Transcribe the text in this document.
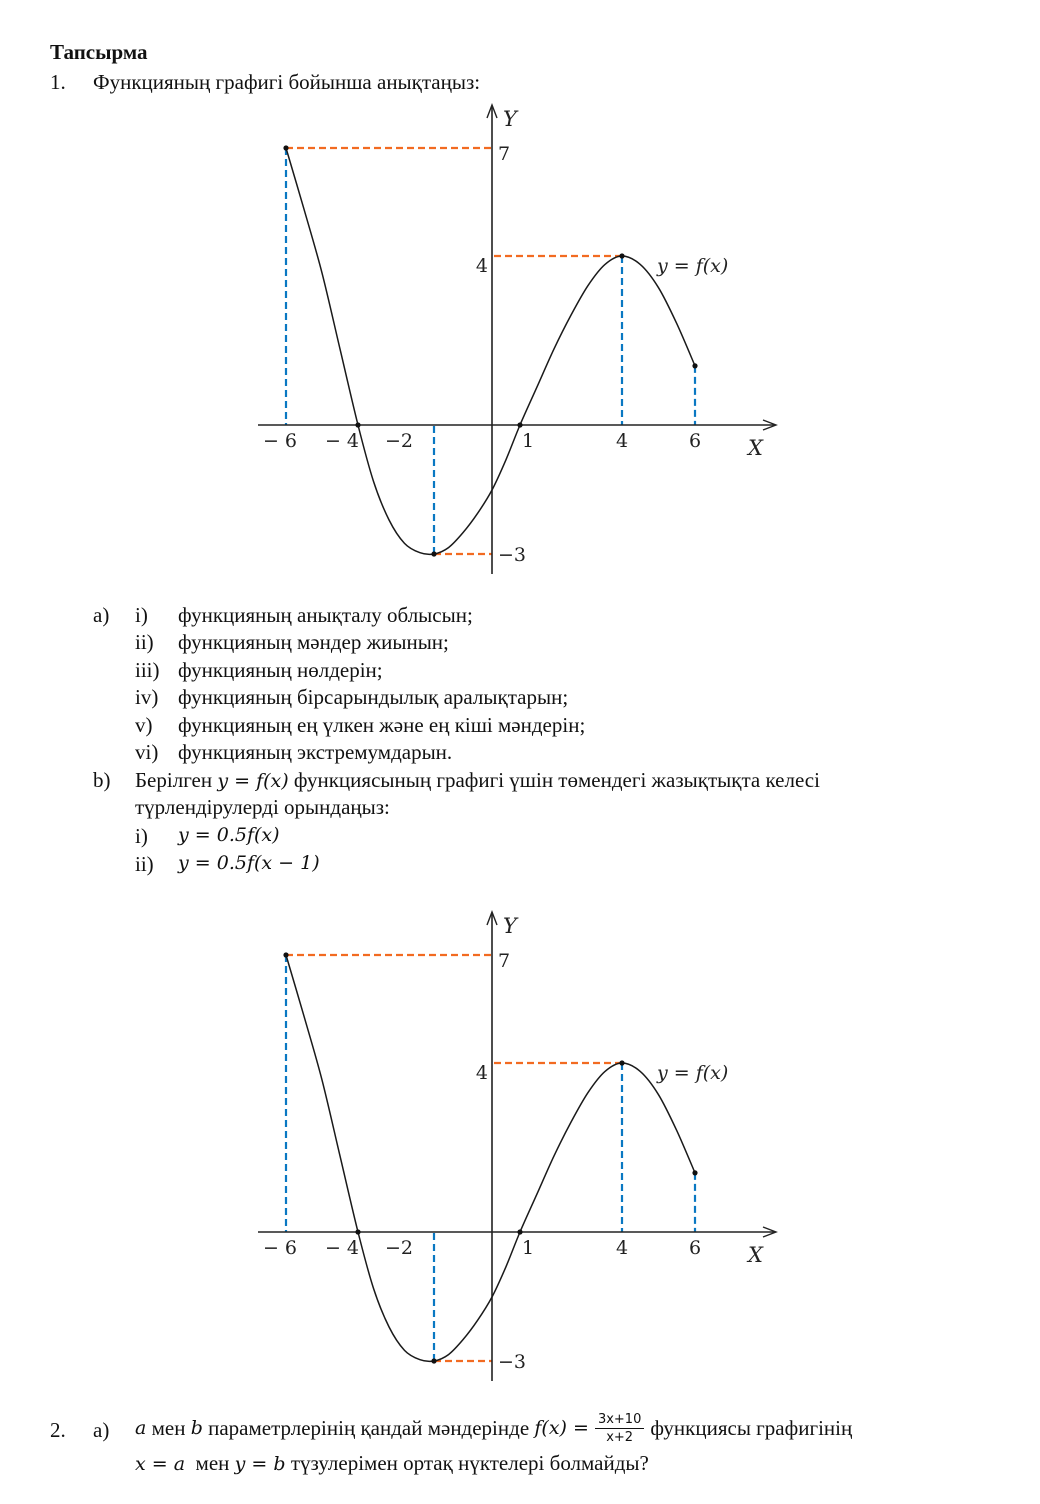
Тапсырма
1. Функцияның графигі бойынша анықтаңыз:
− 6 − 4 −2	1	4	6
7
4
−3
X
Y
y = f(x)
a) i) функцияның анықталу облысын;
ii) функцияның мәндер жиынын;
iii) функцияның нөлдерін;
iv) функцияның бірсарындылық аралықтарын;
v) функцияның ең үлкен және ең кіші мәндерін;
vi) функцияның экстремумдарын.
b) Берілген y = f(x) функциясының графигі үшін төмендегі жазықтықта келесі
түрлендірулерді орындаңыз:
i) y = 0.5f(x)
ii) y = 0.5f(x − 1)
− 6 − 4 −2	1	4	6
7
4
−3
X
Y
y = f(x)
2. a) a
мен
b
параметрлерінің қандай мәндерінде
$f(x) = \frac{3x+10}{x+2}$ функциясы графигінің
x = a мен y = b түзулерімен ортақ нүктелері болмайды?
